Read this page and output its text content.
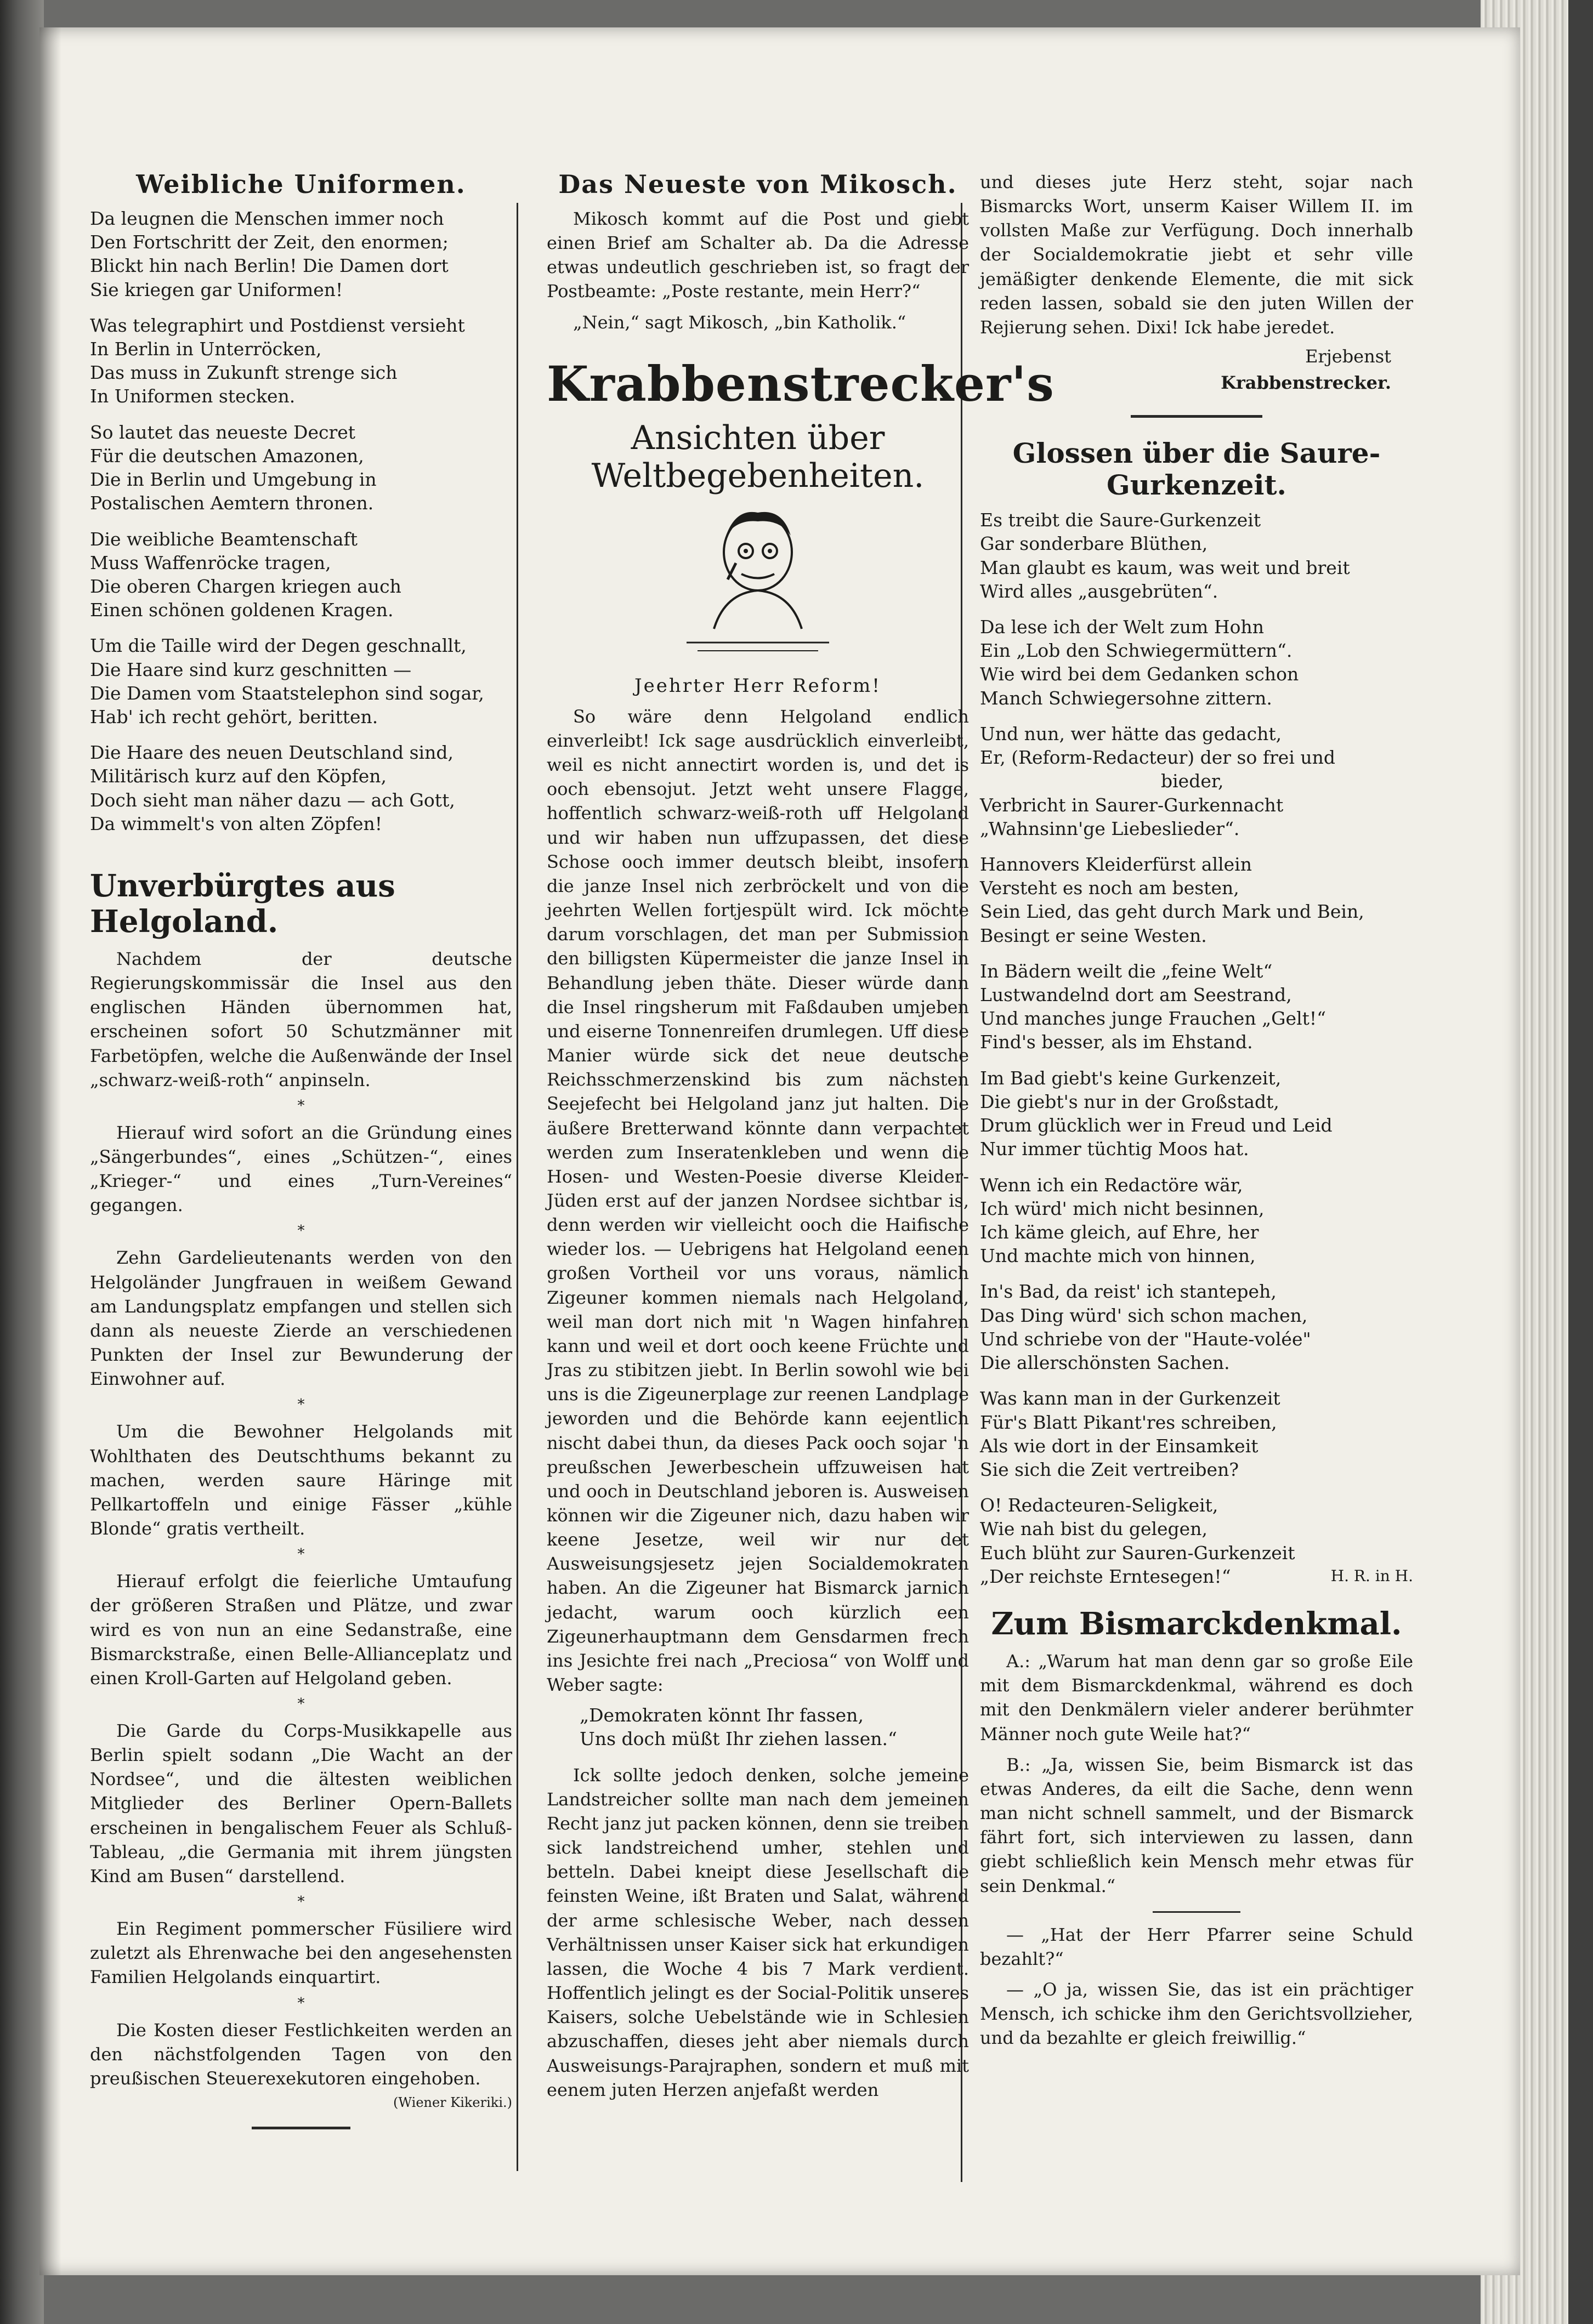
Weibliche Uniformen.
Da leugnen die Menschen immer noch
Den Fortschritt der Zeit, den enormen;
Blickt hin nach Berlin! Die Damen dort
Sie kriegen gar Uniformen!
Was telegraphirt und Postdienst versieht
In Berlin in Unterröcken,
Das muss in Zukunft strenge sich
In Uniformen stecken.
So lautet das neueste Decret
Für die deutschen Amazonen,
Die in Berlin und Umgebung in
Postalischen Aemtern thronen.
Die weibliche Beamtenschaft
Muss Waffenröcke tragen,
Die oberen Chargen kriegen auch
Einen schönen goldenen Kragen.
Um die Taille wird der Degen geschnallt,
Die Haare sind kurz geschnitten —
Die Damen vom Staatstelephon sind sogar,
Hab' ich recht gehört, beritten.
Die Haare des neuen Deutschland sind,
Militärisch kurz auf den Köpfen,
Doch sieht man näher dazu — ach Gott,
Da wimmelt's von alten Zöpfen!
Unverbürgtes aus Helgoland.

Nachdem der deutsche Regierungskommissär die Insel aus den englischen Händen übernommen hat, erscheinen sofort 50 Schutzmänner mit Farbetöpfen, welche die Außenwände der Insel „schwarz-weiß-roth“ anpinseln.

*

Hierauf wird sofort an die Gründung eines „Sängerbundes“, eines „Schützen-“, eines „Krieger-“ und eines „Turn-Vereines“ gegangen.

*

Zehn Gardelieutenants werden von den Helgoländer Jungfrauen in weißem Gewand am Landungsplatz empfangen und stellen sich dann als neueste Zierde an verschiedenen Punkten der Insel zur Bewunderung der Einwohner auf.

*

Um die Bewohner Helgolands mit Wohlthaten des Deutschthums bekannt zu machen, werden saure Häringe mit Pellkartoffeln und einige Fässer „kühle Blonde“ gratis vertheilt.

*

Hierauf erfolgt die feierliche Umtaufung der größeren Straßen und Plätze, und zwar wird es von nun an eine Sedanstraße, eine Bismarckstraße, einen Belle-Allianceplatz und einen Kroll-Garten auf Helgoland geben.

*

Die Garde du Corps-Musikkapelle aus Berlin spielt sodann „Die Wacht an der Nordsee“, und die ältesten weiblichen Mitglieder des Berliner Opern-Ballets erscheinen in bengalischem Feuer als Schluß-Tableau, „die Germania mit ihrem jüngsten Kind am Busen“ darstellend.

*

Ein Regiment pommerscher Füsiliere wird zuletzt als Ehrenwache bei den angesehensten Familien Helgolands einquartirt.

*

Die Kosten dieser Festlichkeiten werden an den nächstfolgenden Tagen von den preußischen Steuerexekutoren eingehoben.

(Wiener Kikeriki.)
Das Neueste von Mikosch.

Mikosch kommt auf die Post und giebt einen Brief am Schalter ab. Da die Adresse etwas undeutlich geschrieben ist, so fragt der Postbeamte: „Poste restante, mein Herr?“

„Nein,“ sagt Mikosch, „bin Katholik.“

Krabbenstrecker's
Ansichten über Weltbegebenheiten.
Jeehrter Herr Reform!

So wäre denn Helgoland endlich einverleibt! Ick sage ausdrücklich einverleibt, weil es nicht annectirt worden is, und det is ooch ebensojut. Jetzt weht unsere Flagge, hoffentlich schwarz-weiß-roth uff Helgoland und wir haben nun uffzupassen, det diese Schose ooch immer deutsch bleibt, insofern die janze Insel nich zerbröckelt und von die jeehrten Wellen fortjespült wird. Ick möchte darum vorschlagen, det man per Submission den billigsten Küpermeister die janze Insel in Behandlung jeben thäte. Dieser würde dann die Insel ringsherum mit Faßdauben umjeben und eiserne Tonnenreifen drumlegen. Uff diese Manier würde sick det neue deutsche Reichsschmerzenskind bis zum nächsten Seejefecht bei Helgoland janz jut halten. Die äußere Bretterwand könnte dann verpachtet werden zum Inseratenkleben und wenn die Hosen- und Westen-Poesie diverse Kleider-Jüden erst auf der janzen Nordsee sichtbar is, denn werden wir vielleicht ooch die Haifische wieder los. — Uebrigens hat Helgoland eenen großen Vortheil vor uns voraus, nämlich Zigeuner kommen niemals nach Helgoland, weil man dort nich mit 'n Wagen hinfahren kann und weil et dort ooch keene Früchte und Jras zu stibitzen jiebt. In Berlin sowohl wie bei uns is die Zigeunerplage zur reenen Landplage jeworden und die Behörde kann eejentlich nischt dabei thun, da dieses Pack ooch sojar 'n preußschen Jewerbeschein uffzuweisen hat und ooch in Deutschland jeboren is. Ausweisen können wir die Zigeuner nich, dazu haben wir keene Jesetze, weil wir nur det Ausweisungsjesetz jejen Socialdemokraten haben. An die Zigeuner hat Bismarck jarnich jedacht, warum ooch kürzlich een Zigeunerhauptmann dem Gensdarmen frech ins Jesichte frei nach „Preciosa“ von Wolff und Weber sagte:

„Demokraten könnt Ihr fassen,
Uns doch müßt Ihr ziehen lassen.“

Ick sollte jedoch denken, solche jemeine Landstreicher sollte man nach dem jemeinen Recht janz jut packen können, denn sie treiben sick landstreichend umher, stehlen und betteln. Dabei kneipt diese Jesellschaft die feinsten Weine, ißt Braten und Salat, während der arme schlesische Weber, nach dessen Verhältnissen unser Kaiser sick hat erkundigen lassen, die Woche 4 bis 7 Mark verdient. Hoffentlich jelingt es der Social-Politik unseres Kaisers, solche Uebelstände wie in Schlesien abzuschaffen, dieses jeht aber niemals durch Ausweisungs-Parajraphen, sondern et muß mit eenem juten Herzen anjefaßt werden

und dieses jute Herz steht, sojar nach Bismarcks Wort, unserm Kaiser Willem II. im vollsten Maße zur Verfügung. Doch innerhalb der Socialdemokratie jiebt et sehr ville jemäßigter denkende Elemente, die mit sick reden lassen, sobald sie den juten Willen der Rejierung sehen. Dixi! Ick habe jeredet.
Erjebenst
Krabbenstrecker.
Glossen über die Saure-Gurkenzeit.
Es treibt die Saure-Gurkenzeit
Gar sonderbare Blüthen,
Man glaubt es kaum, was weit und breit
Wird alles „ausgebrüten“.
Da lese ich der Welt zum Hohn
Ein „Lob den Schwiegermüttern“.
Wie wird bei dem Gedanken schon
Manch Schwiegersohne zittern.
Und nun, wer hätte das gedacht,
Er, (Reform-Redacteur) der so frei und
bieder,
Verbricht in Saurer-Gurkennacht
„Wahnsinn'ge Liebeslieder“.
Hannovers Kleiderfürst allein
Versteht es noch am besten,
Sein Lied, das geht durch Mark und Bein,
Besingt er seine Westen.
In Bädern weilt die „feine Welt“
Lustwandelnd dort am Seestrand,
Und manches junge Frauchen „Gelt!“
Find's besser, als im Ehstand.
Im Bad giebt's keine Gurkenzeit,
Die giebt's nur in der Großstadt,
Drum glücklich wer in Freud und Leid
Nur immer tüchtig Moos hat.
Wenn ich ein Redactöre wär,
Ich würd' mich nicht besinnen,
Ich käme gleich, auf Ehre, her
Und machte mich von hinnen,
In's Bad, da reist' ich stantepeh,
Das Ding würd' sich schon machen,
Und schriebe von der "Haute-volée"
Die allerschönsten Sachen.
Was kann man in der Gurkenzeit
Für's Blatt Pikant'res schreiben,
Als wie dort in der Einsamkeit
Sie sich die Zeit vertreiben?
O! Redacteuren-Seligkeit,
Wie nah bist du gelegen,
Euch blüht zur Sauren-Gurkenzeit
„Der reichste Erntesegen!“	H. R. in H.
Zum Bismarckdenkmal.

A.: „Warum hat man denn gar so große Eile mit dem Bismarckdenkmal, während es doch mit den Denkmälern vieler anderer berühmter Männer noch gute Weile hat?“

B.: „Ja, wissen Sie, beim Bismarck ist das etwas Anderes, da eilt die Sache, denn wenn man nicht schnell sammelt, und der Bismarck fährt fort, sich interviewen zu lassen, dann giebt schließlich kein Mensch mehr etwas für sein Denkmal.“

— „Hat der Herr Pfarrer seine Schuld bezahlt?“

— „O ja, wissen Sie, das ist ein prächtiger Mensch, ich schicke ihm den Gerichtsvollzieher, und da bezahlte er gleich freiwillig.“
